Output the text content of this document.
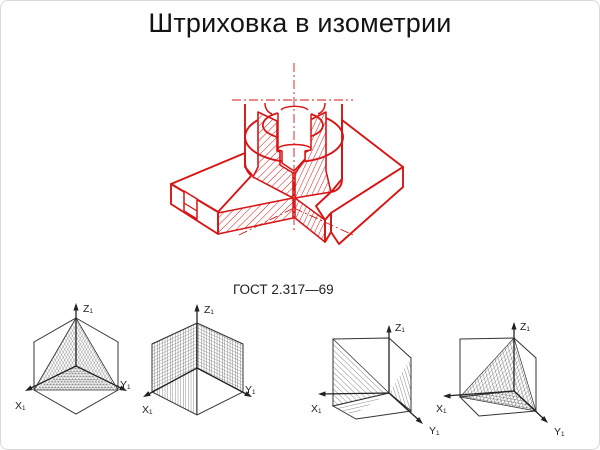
Штриховка в изометрии
ГОСТ 2.317—69
Z₁
X₁
Y₁
Z₁
X₁
Y₁
Z₁
X₁
Y₁
Z₁
X₁
Y₁
